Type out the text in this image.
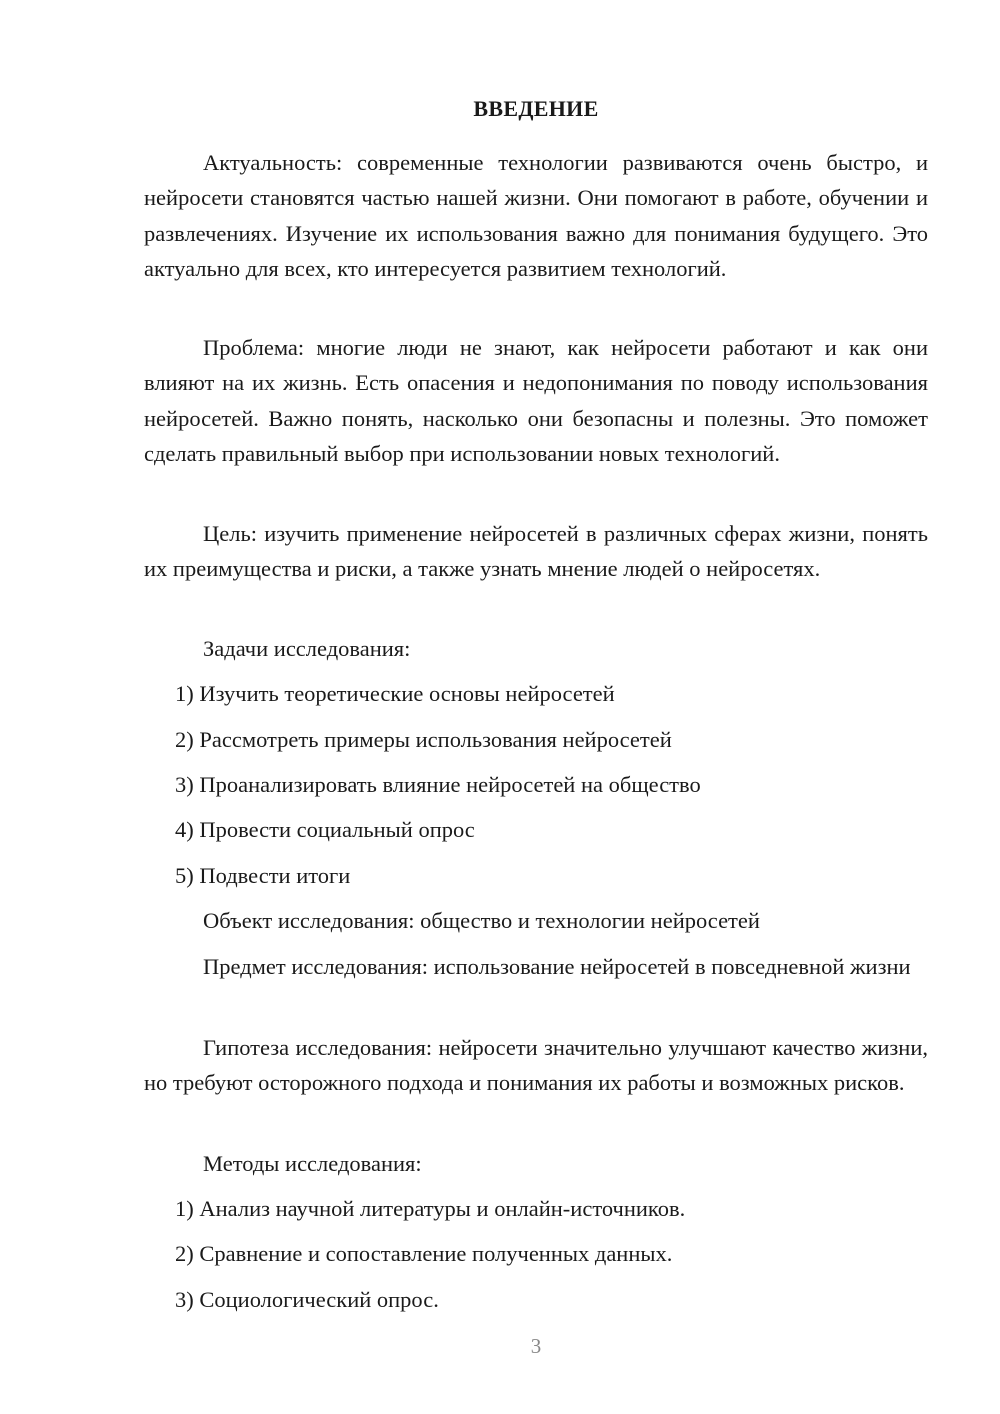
ВВЕДЕНИЕ

Актуальность: современные технологии развиваются очень быстро, и нейросети становятся частью нашей жизни. Они помогают в работе, обучении и развлечениях. Изучение их использования важно для понимания будущего. Это актуально для всех, кто интересуется развитием технологий.

Проблема: многие люди не знают, как нейросети работают и как они влияют на их жизнь. Есть опасения и недопонимания по поводу использования нейросетей. Важно понять, насколько они безопасны и полезны. Это поможет сделать правильный выбор при использовании новых технологий.

Цель: изучить применение нейросетей в различных сферах жизни, понять их преимущества и риски, а также узнать мнение людей о нейросетях.

Задачи исследования:

1) Изучить теоретические основы нейросетей

2) Рассмотреть примеры использования нейросетей

3) Проанализировать влияние нейросетей на общество

4) Провести социальный опрос

5) Подвести итоги

Объект исследования: общество и технологии нейросетей

Предмет исследования: использование нейросетей в повседневной жизни

Гипотеза исследования: нейросети значительно улучшают качество жизни, но требуют осторожного подхода и понимания их работы и возможных рисков.

Методы исследования:

1) Анализ научной литературы и онлайн-источников.

2) Сравнение и сопоставление полученных данных.

3) Социологический опрос.

3
